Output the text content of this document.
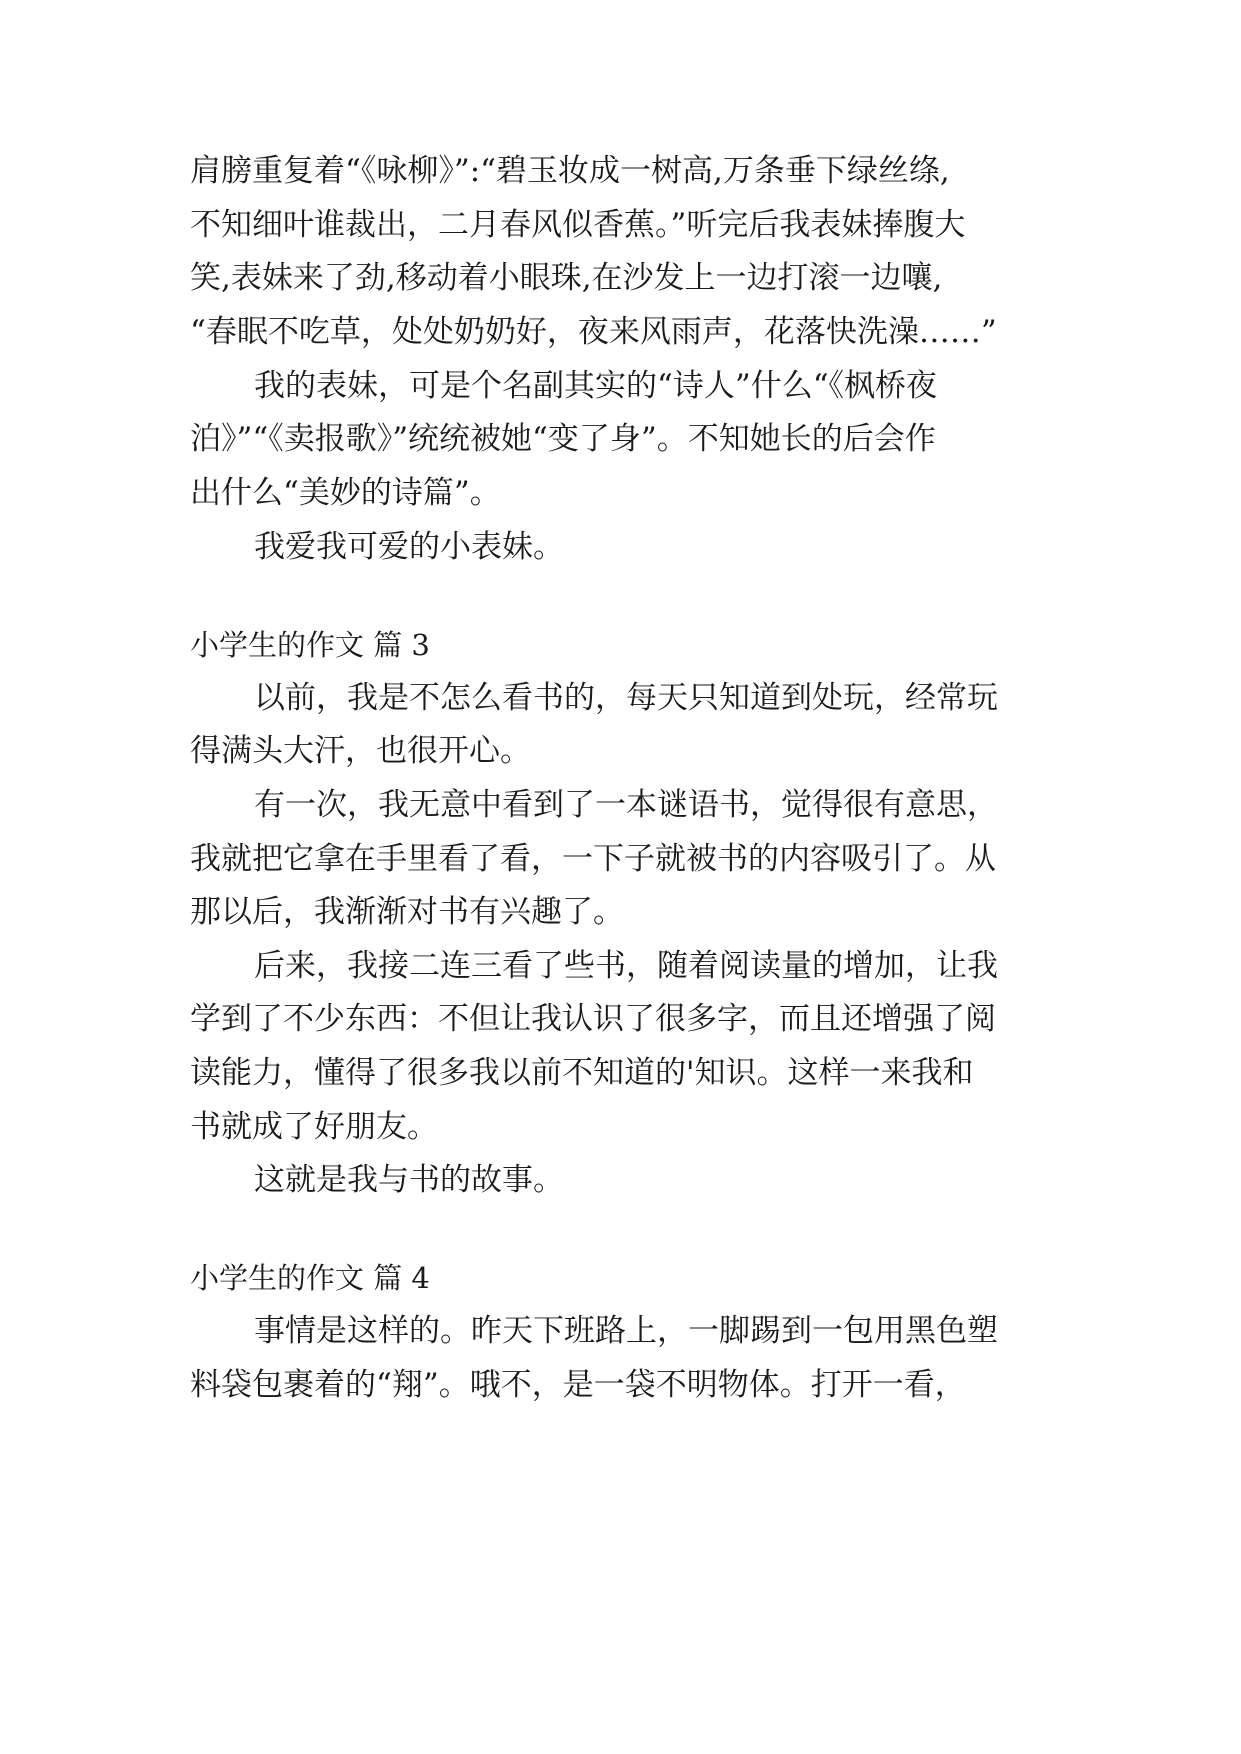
肩膀重复着“《咏柳》”:“碧玉妆成一树高,万条垂下绿丝绦,
不知细叶谁裁出，二月春风似香蕉。”听完后我表妹捧腹大
笑,表妹来了劲,移动着小眼珠,在沙发上一边打滚一边嚷,
“春眠不吃草，处处奶奶好，夜来风雨声，花落快洗澡……”
我的表妹，可是个名副其实的“诗人”什么“《枫桥夜
泊》”“《卖报歌》”统统被她“变了身”。不知她长的后会作
出什么“美妙的诗篇”。
我爱我可爱的小表妹。
小学生的作文 篇 3
以前，我是不怎么看书的，每天只知道到处玩，经常玩
得满头大汗，也很开心。
有一次，我无意中看到了一本谜语书，觉得很有意思，
我就把它拿在手里看了看，一下子就被书的内容吸引了。从
那以后，我渐渐对书有兴趣了。
后来，我接二连三看了些书，随着阅读量的增加，让我
学到了不少东西：不但让我认识了很多字，而且还增强了阅
读能力，懂得了很多我以前不知道的'知识。这样一来我和
书就成了好朋友。
这就是我与书的故事。
小学生的作文 篇 4
事情是这样的。昨天下班路上，一脚踢到一包用黑色塑
料袋包裹着的“翔”。哦不，是一袋不明物体。打开一看，
